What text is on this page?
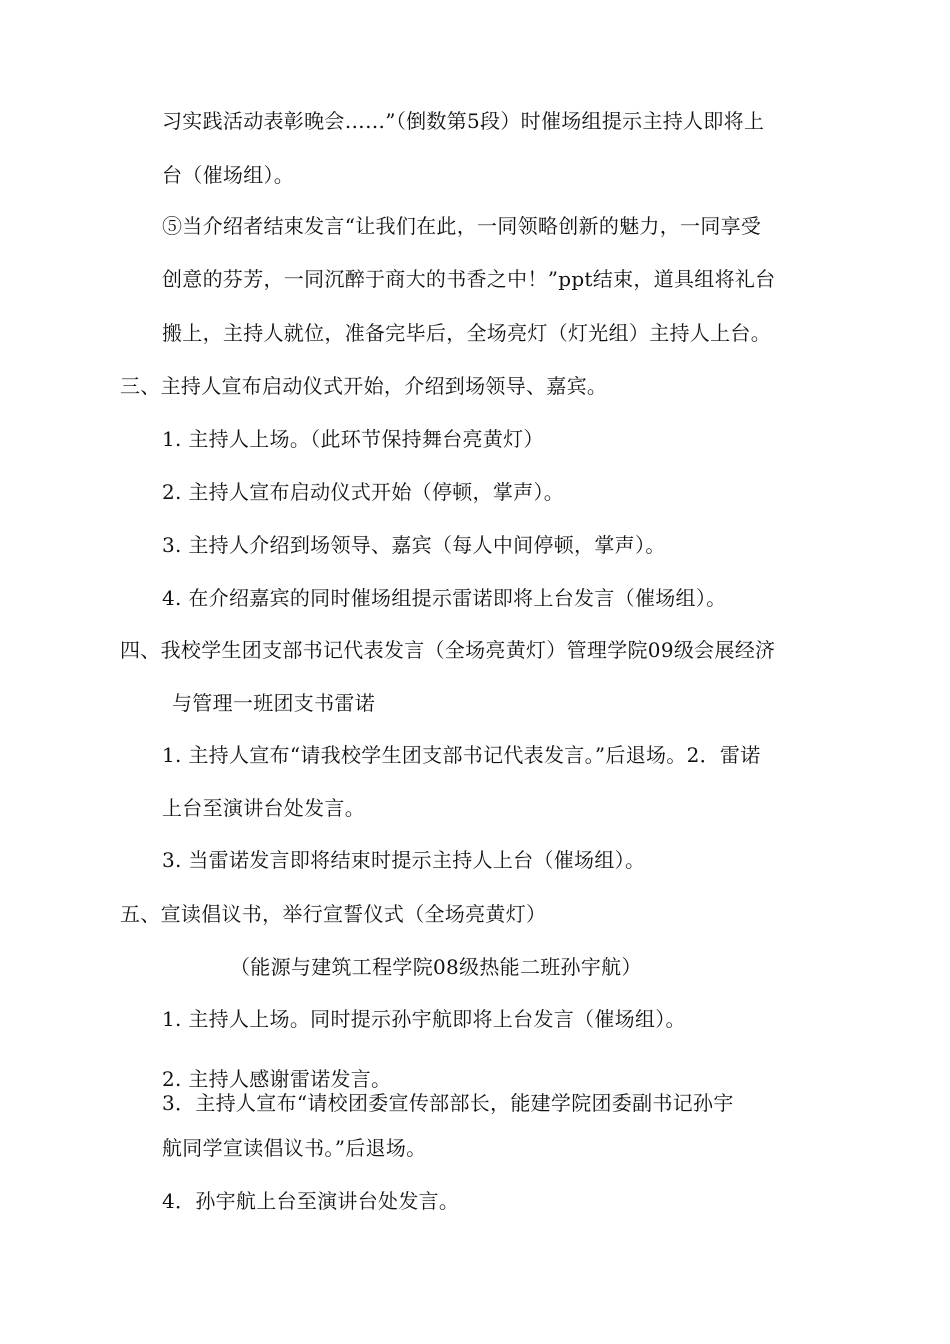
习实践活动表彰晚会……”（倒数第5段）时催场组提示主持人即将上
台（催场组）。
⑤当介绍者结束发言“让我们在此，一同领略创新的魅力，一同享受
创意的芬芳，一同沉醉于商大的书香之中！”ppt结束，道具组将礼台
搬上，主持人就位，准备完毕后，全场亮灯（灯光组）主持人上台。
三、主持人宣布启动仪式开始，介绍到场领导、嘉宾。
1. 主持人上场。（此环节保持舞台亮黄灯）
2. 主持人宣布启动仪式开始（停顿，掌声）。
3. 主持人介绍到场领导、嘉宾（每人中间停顿，掌声）。
4. 在介绍嘉宾的同时催场组提示雷诺即将上台发言（催场组）。
四、我校学生团支部书记代表发言（全场亮黄灯）管理学院09级会展经济
与管理一班团支书雷诺
1. 主持人宣布“请我校学生团支部书记代表发言。”后退场。2．雷诺
上台至演讲台处发言。
3. 当雷诺发言即将结束时提示主持人上台（催场组）。
五、宣读倡议书，举行宣誓仪式（全场亮黄灯）
（能源与建筑工程学院08级热能二班孙宇航）
1. 主持人上场。同时提示孙宇航即将上台发言（催场组）。
2. 主持人感谢雷诺发言。
3．主持人宣布“请校团委宣传部部长，能建学院团委副书记孙宇
航同学宣读倡议书。”后退场。
4．孙宇航上台至演讲台处发言。
